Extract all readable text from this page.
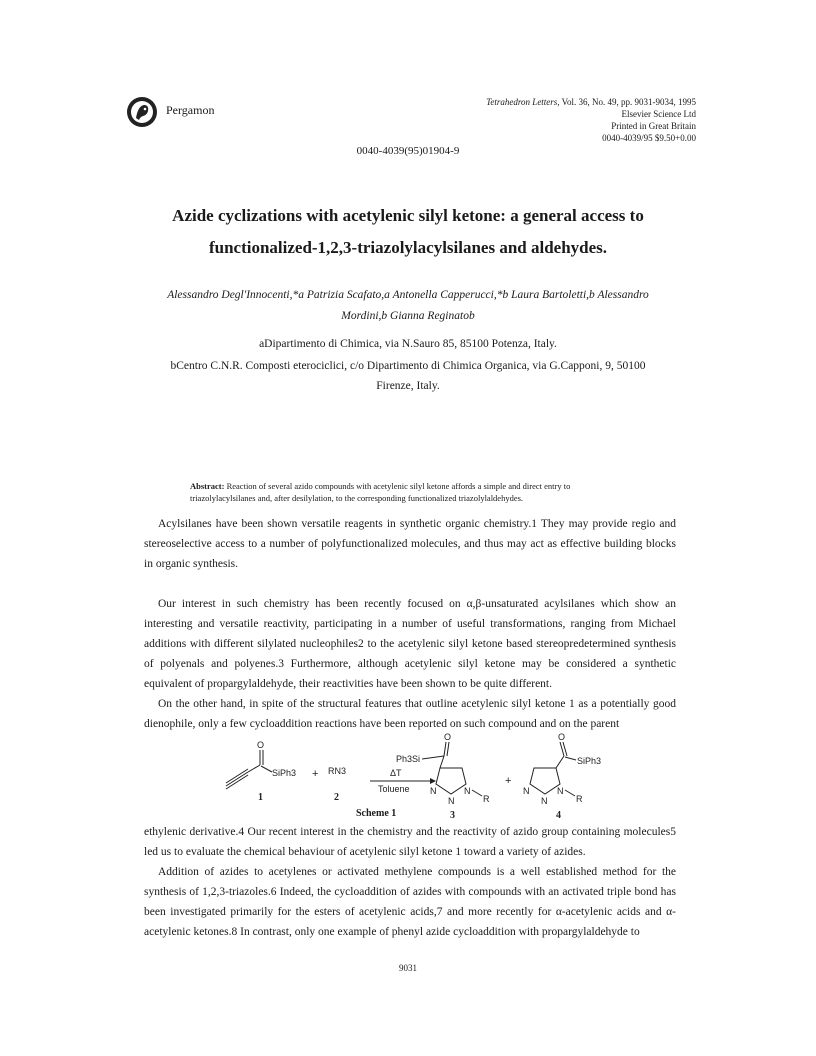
Pergamon
Tetrahedron Letters, Vol. 36, No. 49, pp. 9031-9034, 1995
Elsevier Science Ltd
Printed in Great Britain
0040-4039/95 $9.50+0.00
0040-4039(95)01904-9
Azide cyclizations with acetylenic silyl ketone: a general access to
functionalized-1,2,3-triazolylacylsilanes and aldehydes.
Alessandro Degl'Innocenti,*a Patrizia Scafato,a Antonella Capperucci,*b Laura Bartoletti,b Alessandro
Mordini,b Gianna Reginatob
aDipartimento di Chimica, via N.Sauro 85, 85100 Potenza, Italy.
bCentro C.N.R. Composti eterociclici, c/o Dipartimento di Chimica Organica, via G.Capponi, 9, 50100
Firenze, Italy.
Abstract: Reaction of several azido compounds with acetylenic silyl ketone affords a simple and direct entry to triazolylacylsilanes and, after desilylation, to the corresponding functionalized triazolylaldehydes.

Acylsilanes have been shown versatile reagents in synthetic organic chemistry.1 They may provide regio and stereoselective access to a number of polyfunctionalized molecules, and thus may act as effective building blocks in organic synthesis.

Our interest in such chemistry has been recently focused on α,β-unsaturated acylsilanes which show an interesting and versatile reactivity, participating in a number of useful transformations, ranging from Michael additions with different silylated nucleophiles2 to the acetylenic silyl ketone based stereopredetermined synthesis of polyenals and polyenes.3 Furthermore, although acetylenic silyl ketone may be considered a synthetic equivalent of propargylaldehyde, their reactivities have been shown to be quite different.

On the other hand, in spite of the structural features that outline acetylenic silyl ketone 1 as a potentially good dienophile, only a few cycloaddition reactions have been reported on such compound and on the parent

O
SiPh3
1
+ RN3
2
ΔT
Toluene
Ph3Si
O
N
N
N
R
3
+
O
SiPh3
N
N
N
R
4
Scheme 1

ethylenic derivative.4 Our recent interest in the chemistry and the reactivity of azido group containing molecules5 led us to evaluate the chemical behaviour of acetylenic silyl ketone 1 toward a variety of azides.

Addition of azides to acetylenes or activated methylene compounds is a well established method for the synthesis of 1,2,3-triazoles.6 Indeed, the cycloaddition of azides with compounds with an activated triple bond has been investigated primarily for the esters of acetylenic acids,7 and more recently for α-acetylenic acids and α-acetylenic ketones.8 In contrast, only one example of phenyl azide cycloaddition with propargylaldehyde to

9031
